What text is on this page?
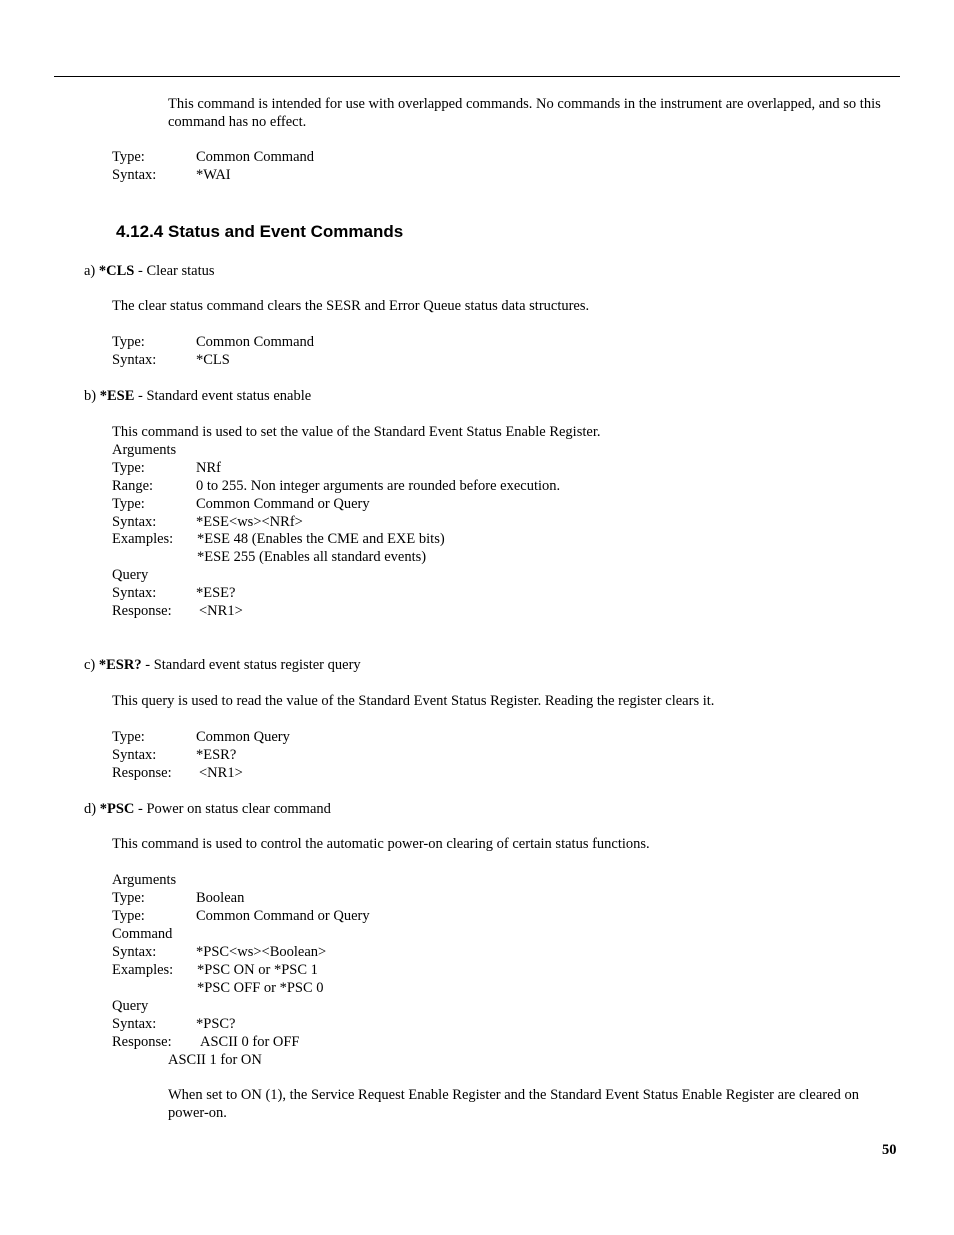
This command is intended for use with overlapped commands. No commands in the instrument are overlapped, and so this command has no effect.
Type:	Common Command
Syntax:	*WAI
4.12.4 Status and Event Commands
a) *CLS - Clear status
The clear status command clears the SESR and Error Queue status data structures.
Type:	Common Command
Syntax:	*CLS
b) *ESE - Standard event status enable
This command is used to set the value of the Standard Event Status Enable Register.
Arguments
Type:	NRf
Range:	0 to 255. Non integer arguments are rounded before execution.
Type:	Common Command or Query
Syntax:	*ESE<ws><NRf>
Examples: *ESE 48 (Enables the CME and EXE bits)
*ESE 255 (Enables all standard events)
Query
Syntax:	*ESE?
Response: <NR1>
c) *ESR? - Standard event status register query
This query is used to read the value of the Standard Event Status Register. Reading the register clears it.
Type:	Common Query
Syntax:	*ESR?
Response: <NR1>
d) *PSC - Power on status clear command
This command is used to control the automatic power-on clearing of certain status functions.
Arguments
Type:	Boolean
Type:	Common Command or Query
Command
Syntax:	*PSC<ws><Boolean>
Examples: *PSC ON or *PSC 1
*PSC OFF or *PSC 0
Query
Syntax:	*PSC?
Response: ASCII 0 for OFF
ASCII 1 for ON
When set to ON (1), the Service Request Enable Register and the Standard Event Status Enable Register are cleared on power-on.
50
